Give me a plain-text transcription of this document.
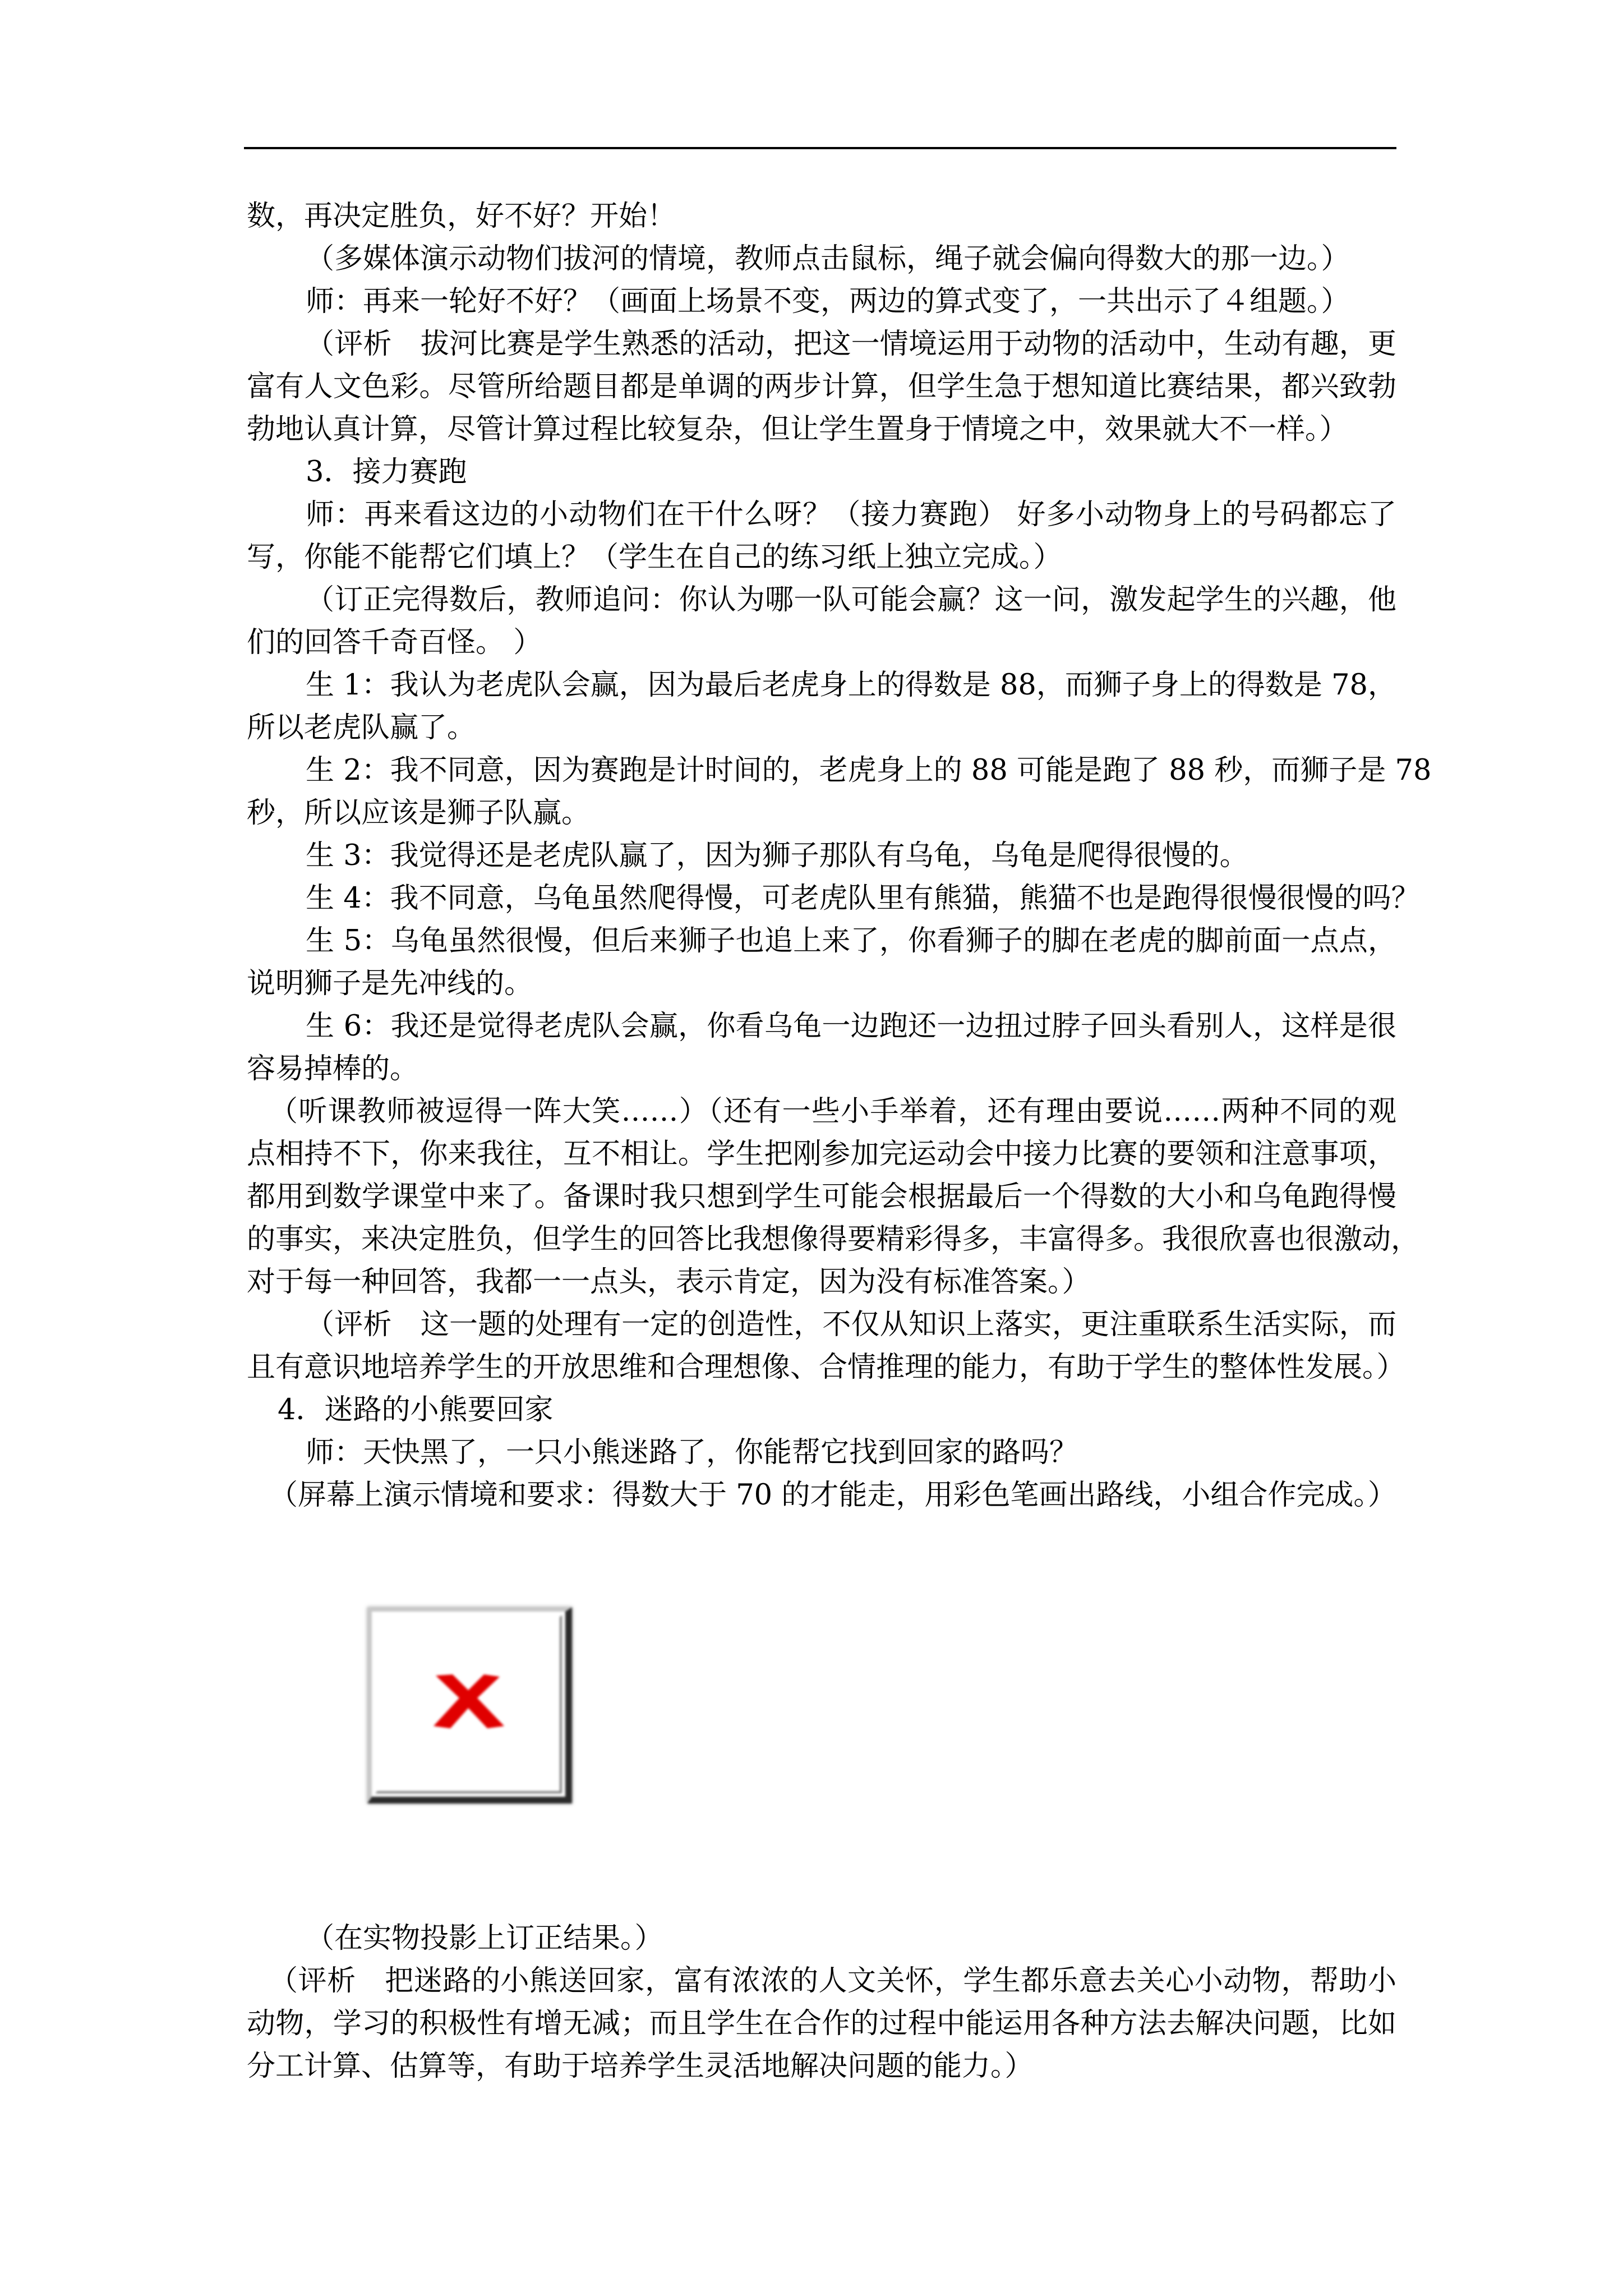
数，再决定胜负，好不好？开始！
（多媒体演示动物们拔河的情境，教师点击鼠标，绳子就会偏向得数大的那一边。）
师：再来一轮好不好？（画面上场景不变，两边的算式变了，一共出示了４组题。）
（评析　拔河比赛是学生熟悉的活动，把这一情境运用于动物的活动中，生动有趣，更
富有人文色彩。尽管所给题目都是单调的两步计算，但学生急于想知道比赛结果，都兴致勃
勃地认真计算，尽管计算过程比较复杂，但让学生置身于情境之中，效果就大不一样。）
3．接力赛跑
师：再来看这边的小动物们在干什么呀？（接力赛跑） 好多小动物身上的号码都忘了
写，你能不能帮它们填上？（学生在自己的练习纸上独立完成。）
（订正完得数后，教师追问：你认为哪一队可能会赢？这一问，激发起学生的兴趣，他
们的回答千奇百怪。 ）
生 1：我认为老虎队会赢，因为最后老虎身上的得数是 88，而狮子身上的得数是 78，
所以老虎队赢了。
生 2：我不同意，因为赛跑是计时间的，老虎身上的 88 可能是跑了 88 秒，而狮子是 78
秒，所以应该是狮子队赢。
生 3：我觉得还是老虎队赢了，因为狮子那队有乌龟，乌龟是爬得很慢的。
生 4：我不同意，乌龟虽然爬得慢，可老虎队里有熊猫，熊猫不也是跑得很慢很慢的吗？
生 5：乌龟虽然很慢，但后来狮子也追上来了，你看狮子的脚在老虎的脚前面一点点，
说明狮子是先冲线的。
生 6：我还是觉得老虎队会赢，你看乌龟一边跑还一边扭过脖子回头看别人，这样是很
容易掉棒的。
（听课教师被逗得一阵大笑……）（还有一些小手举着，还有理由要说……两种不同的观
点相持不下，你来我往，互不相让。学生把刚参加完运动会中接力比赛的要领和注意事项，
都用到数学课堂中来了。备课时我只想到学生可能会根据最后一个得数的大小和乌龟跑得慢
的事实，来决定胜负，但学生的回答比我想像得要精彩得多，丰富得多。我很欣喜也很激动，
对于每一种回答，我都一一点头，表示肯定，因为没有标准答案。）
（评析　这一题的处理有一定的创造性，不仅从知识上落实，更注重联系生活实际，而
且有意识地培养学生的开放思维和合理想像、合情推理的能力，有助于学生的整体性发展。）
4．迷路的小熊要回家
师：天快黑了，一只小熊迷路了，你能帮它找到回家的路吗？
（屏幕上演示情境和要求：得数大于 70 的才能走，用彩色笔画出路线，小组合作完成。）
（在实物投影上订正结果。）
（评析　把迷路的小熊送回家，富有浓浓的人文关怀，学生都乐意去关心小动物，帮助小
动物，学习的积极性有增无减；而且学生在合作的过程中能运用各种方法去解决问题，比如
分工计算、估算等，有助于培养学生灵活地解决问题的能力。）
